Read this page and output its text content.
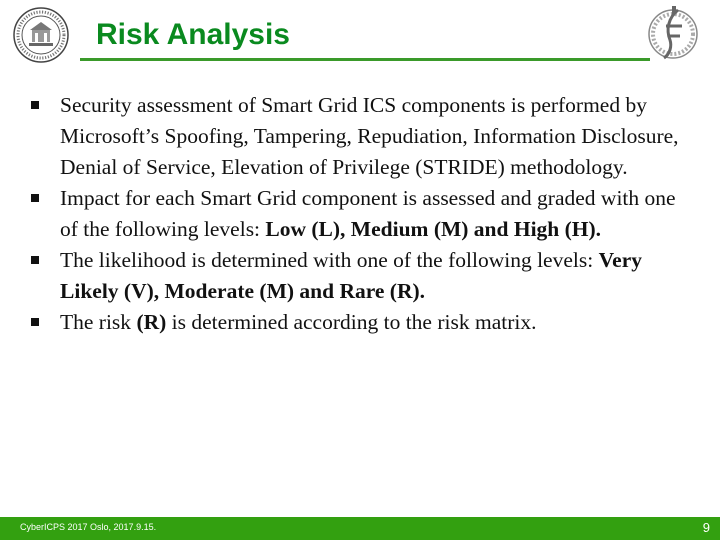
Risk Analysis
Security assessment of Smart Grid ICS components is performed by Microsoft’s Spoofing, Tampering, Repudiation, Information Disclosure, Denial of Service, Elevation of Privilege (STRIDE) methodology.
Impact for each Smart Grid component is assessed and graded with one of the following levels: Low (L), Medium (M) and High (H).
The likelihood is determined with one of the following levels: Very Likely (V), Moderate (M) and Rare (R).
The risk (R) is determined according to the risk matrix.
CyberICPS 2017 Oslo, 2017.9.15.	9
